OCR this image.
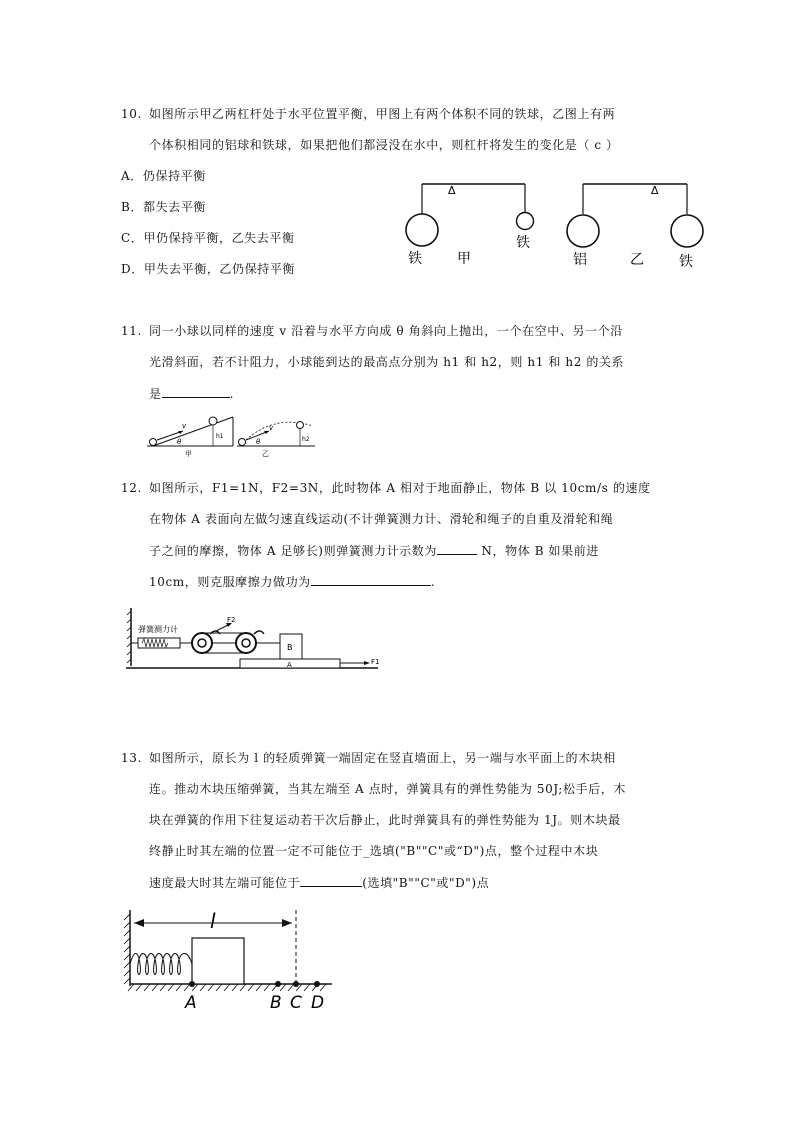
10. 如图所示甲乙两杠杆处于水平位置平衡，甲图上有两个体积不同的铁球，乙图上有两
个体积相同的铝球和铁球，如果把他们都浸没在水中，则杠杆将发生的变化是（ c ）
A．仍保持平衡
B．都失去平衡
C．甲仍保持平衡，乙失去平衡
D．甲失去平衡，乙仍保持平衡
Δ
铁
铁
甲
Δ
铝	乙	铁
11. 同一小球以同样的速度 v 沿着与水平方向成 θ 角斜向上抛出，一个在空中、另一个沿
光滑斜面，若不计阻力，小球能到达的最高点分别为 h1 和 h2，则 h1 和 h2 的关系
是	.
v
θ
h1
甲
v
θ	h2
乙
12. 如图所示，F1=1N，F2=3N，此时物体 A 相对于地面静止，物体 B 以 10cm/s 的速度
在物体 A 表面向左做匀速直线运动(不计弹簧测力计、滑轮和绳子的自重及滑轮和绳
子之间的摩擦，物体 A 足够长)则弹簧测力计示数为	N，物体 B 如果前进
10cm，则克服摩擦力做功为	.
弹簧测力计
F2
B
A	F1
13. 如图所示，原长为 l 的轻质弹簧一端固定在竖直墙面上，另一端与水平面上的木块相
连。推动木块压缩弹簧，当其左端至 A 点时，弹簧具有的弹性势能为 50J;松手后，木
块在弹簧的作用下往复运动若干次后静止，此时弹簧具有的弹性势能为 1J。则木块最
终静止时其左端的位置一定不可能位于_选填("B""C"或“D")点，整个过程中木块
速度最大时其左端可能位于	(选填"B""C"或"D")点
l
A	B C D
